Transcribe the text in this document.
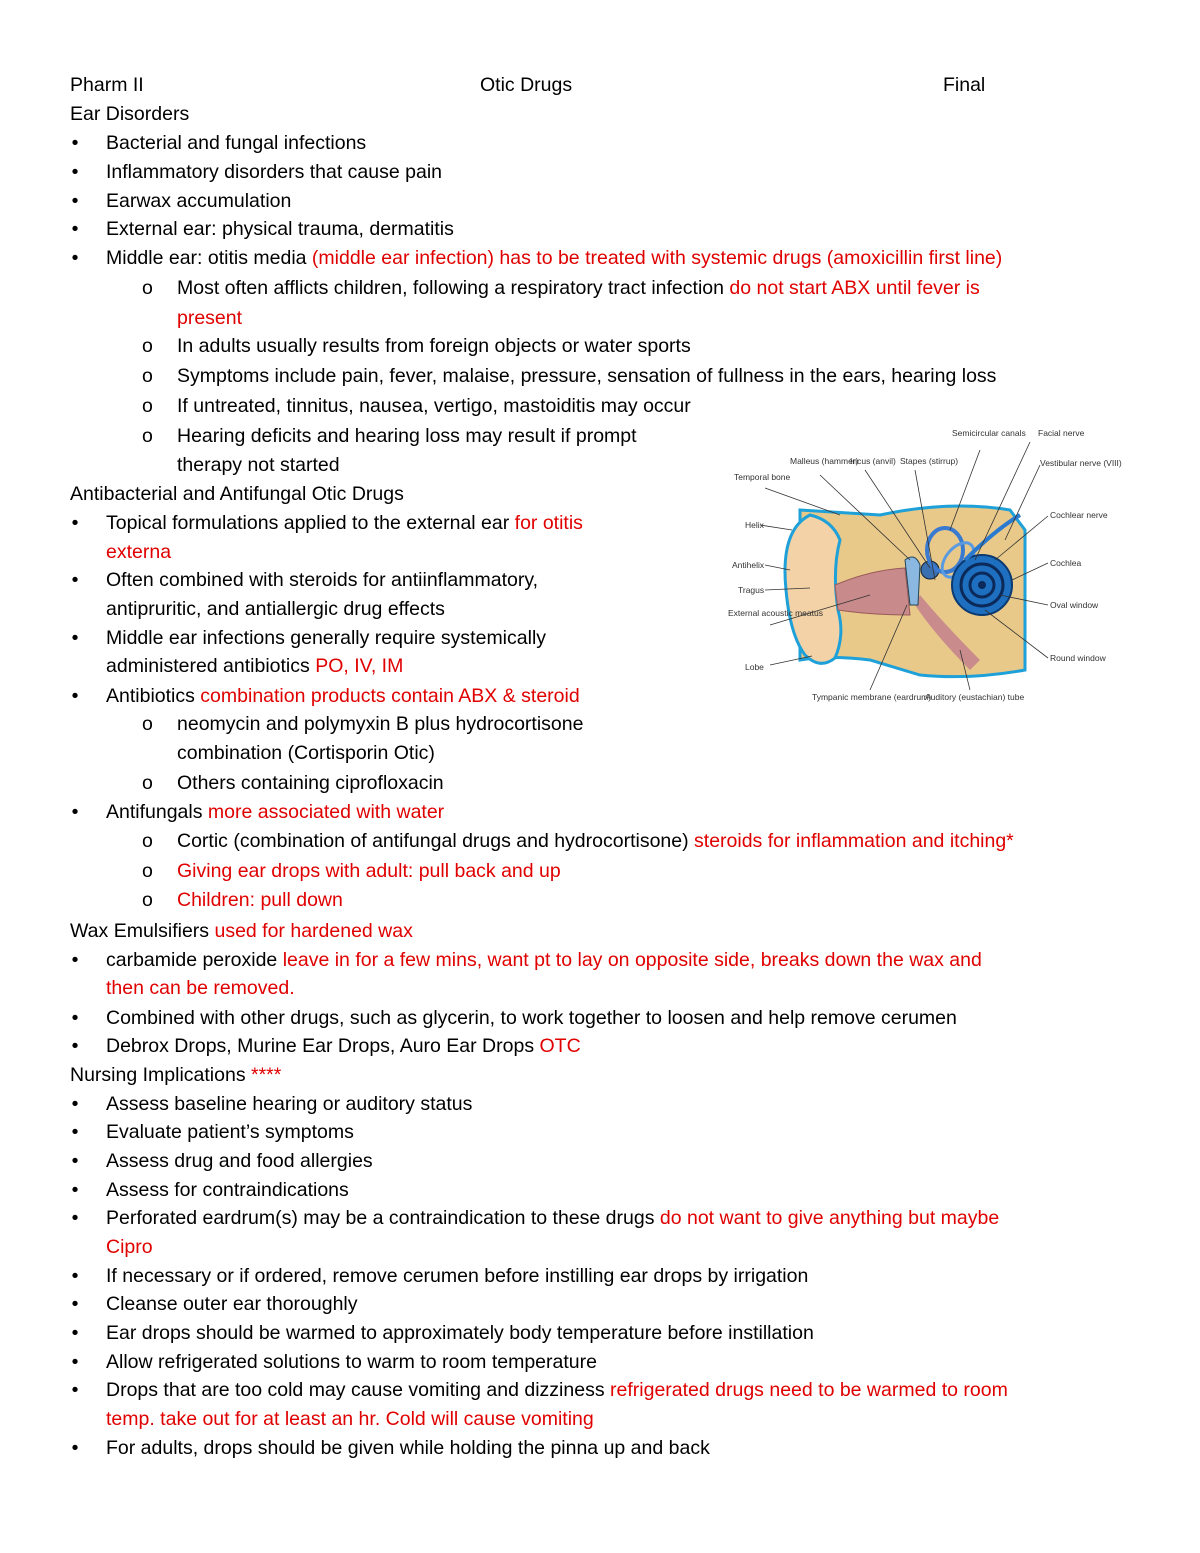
Pharm II	Otic Drugs	Final
Ear Disorders
• Bacterial and fungal infections
• Inflammatory disorders that cause pain
• Earwax accumulation
• External ear: physical trauma, dermatitis
• Middle ear: otitis media (middle ear infection) has to be treated with systemic drugs (amoxicillin first line)
o Most often afflicts children, following a respiratory tract infection do not start ABX until fever is
present
o In adults usually results from foreign objects or water sports
o Symptoms include pain, fever, malaise, pressure, sensation of fullness in the ears, hearing loss
o If untreated, tinnitus, nausea, vertigo, mastoiditis may occur
o Hearing deficits and hearing loss may result if prompt
therapy not started
Antibacterial and Antifungal Otic Drugs
• Topical formulations applied to the external ear for otitis
externa
• Often combined with steroids for antiinflammatory,
antipruritic, and antiallergic drug effects
• Middle ear infections generally require systemically
administered antibiotics PO, IV, IM
• Antibiotics combination products contain ABX & steroid
o neomycin and polymyxin B plus hydrocortisone
combination (Cortisporin Otic)
o Others containing ciprofloxacin
• Antifungals more associated with water
o Cortic (combination of antifungal drugs and hydrocortisone) steroids for inflammation and itching*
o Giving ear drops with adult: pull back and up
o Children: pull down
Wax Emulsifiers used for hardened wax
• carbamide peroxide leave in for a few mins, want pt to lay on opposite side, breaks down the wax and
then can be removed.
• Combined with other drugs, such as glycerin, to work together to loosen and help remove cerumen
• Debrox Drops, Murine Ear Drops, Auro Ear Drops OTC
Nursing Implications ****
• Assess baseline hearing or auditory status
• Evaluate patient’s symptoms
• Assess drug and food allergies
• Assess for contraindications
• Perforated eardrum(s) may be a contraindication to these drugs do not want to give anything but maybe
Cipro
• If necessary or if ordered, remove cerumen before instilling ear drops by irrigation
• Cleanse outer ear thoroughly
• Ear drops should be warmed to approximately body temperature before instillation
• Allow refrigerated solutions to warm to room temperature
• Drops that are too cold may cause vomiting and dizziness refrigerated drugs need to be warmed to room
temp. take out for at least an hr. Cold will cause vomiting
• For adults, drops should be given while holding the pinna up and back
Temporal bone
Malleus (hammer)
Incus (anvil) Stapes (stirrup)
Semicircular canals Facial nerve
Vestibular nerve (VIII)
Helix
Antihelix
Tragus
External acoustic meatus
Lobe
Cochlear nerve
Cochlea
Oval window
Round window
Tympanic membrane (eardrum)
Auditory (eustachian) tube
